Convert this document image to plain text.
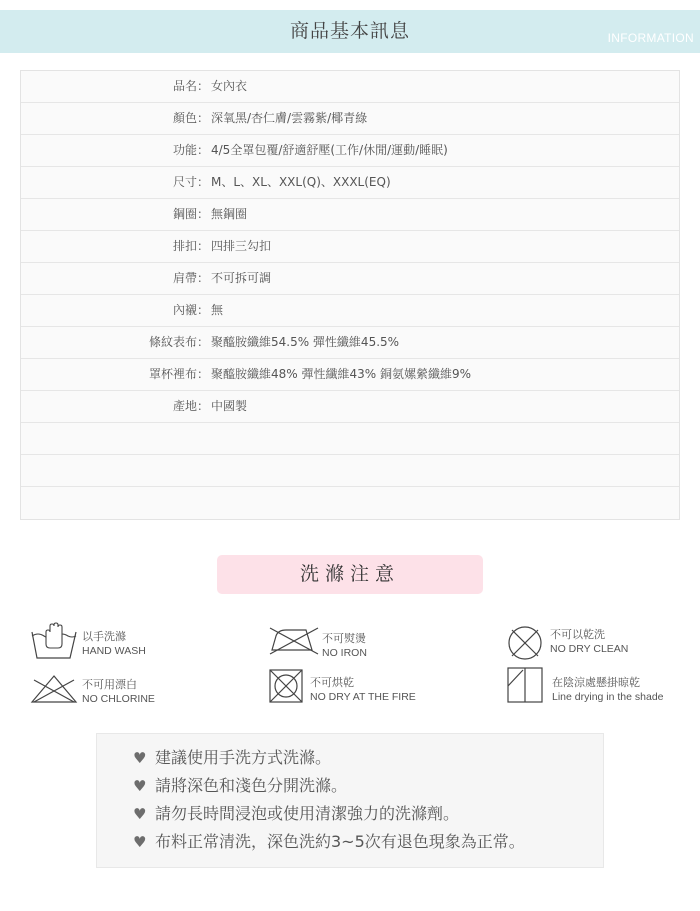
商品基本訊息	INFORMATION
品名： 女內衣
顏色： 深氧黑/杏仁膚/雲霧紫/椰青綠
功能： 4/5全罩包覆/舒適舒壓(工作/休閒/運動/睡眠)
尺寸： M、L、XL、XXL(Q)、XXXL(EQ)
鋼圈： 無鋼圈
排扣： 四排三勾扣
肩帶： 不可拆可調
內襯： 無
條紋表布： 聚醯胺纖維54.5% 彈性纖維45.5%
罩杯裡布： 聚醯胺纖維48% 彈性纖維43% 銅氨嫘縈纖維9%
產地： 中國製
洗滌注意
以手洗滌
HAND WASH
不可熨燙
NO IRON
不可以乾洗
NO DRY CLEAN
不可用漂白
NO CHLORINE
不可烘乾
NO DRY AT THE FIRE
在陰涼處懸掛晾乾
Line drying in the shade
♥ 建議使用手洗方式洗滌。
♥ 請將深色和淺色分開洗滌。
♥ 請勿長時間浸泡或使用清潔強力的洗滌劑。
♥ 布料正常清洗，深色洗約3~5次有退色現象為正常。
